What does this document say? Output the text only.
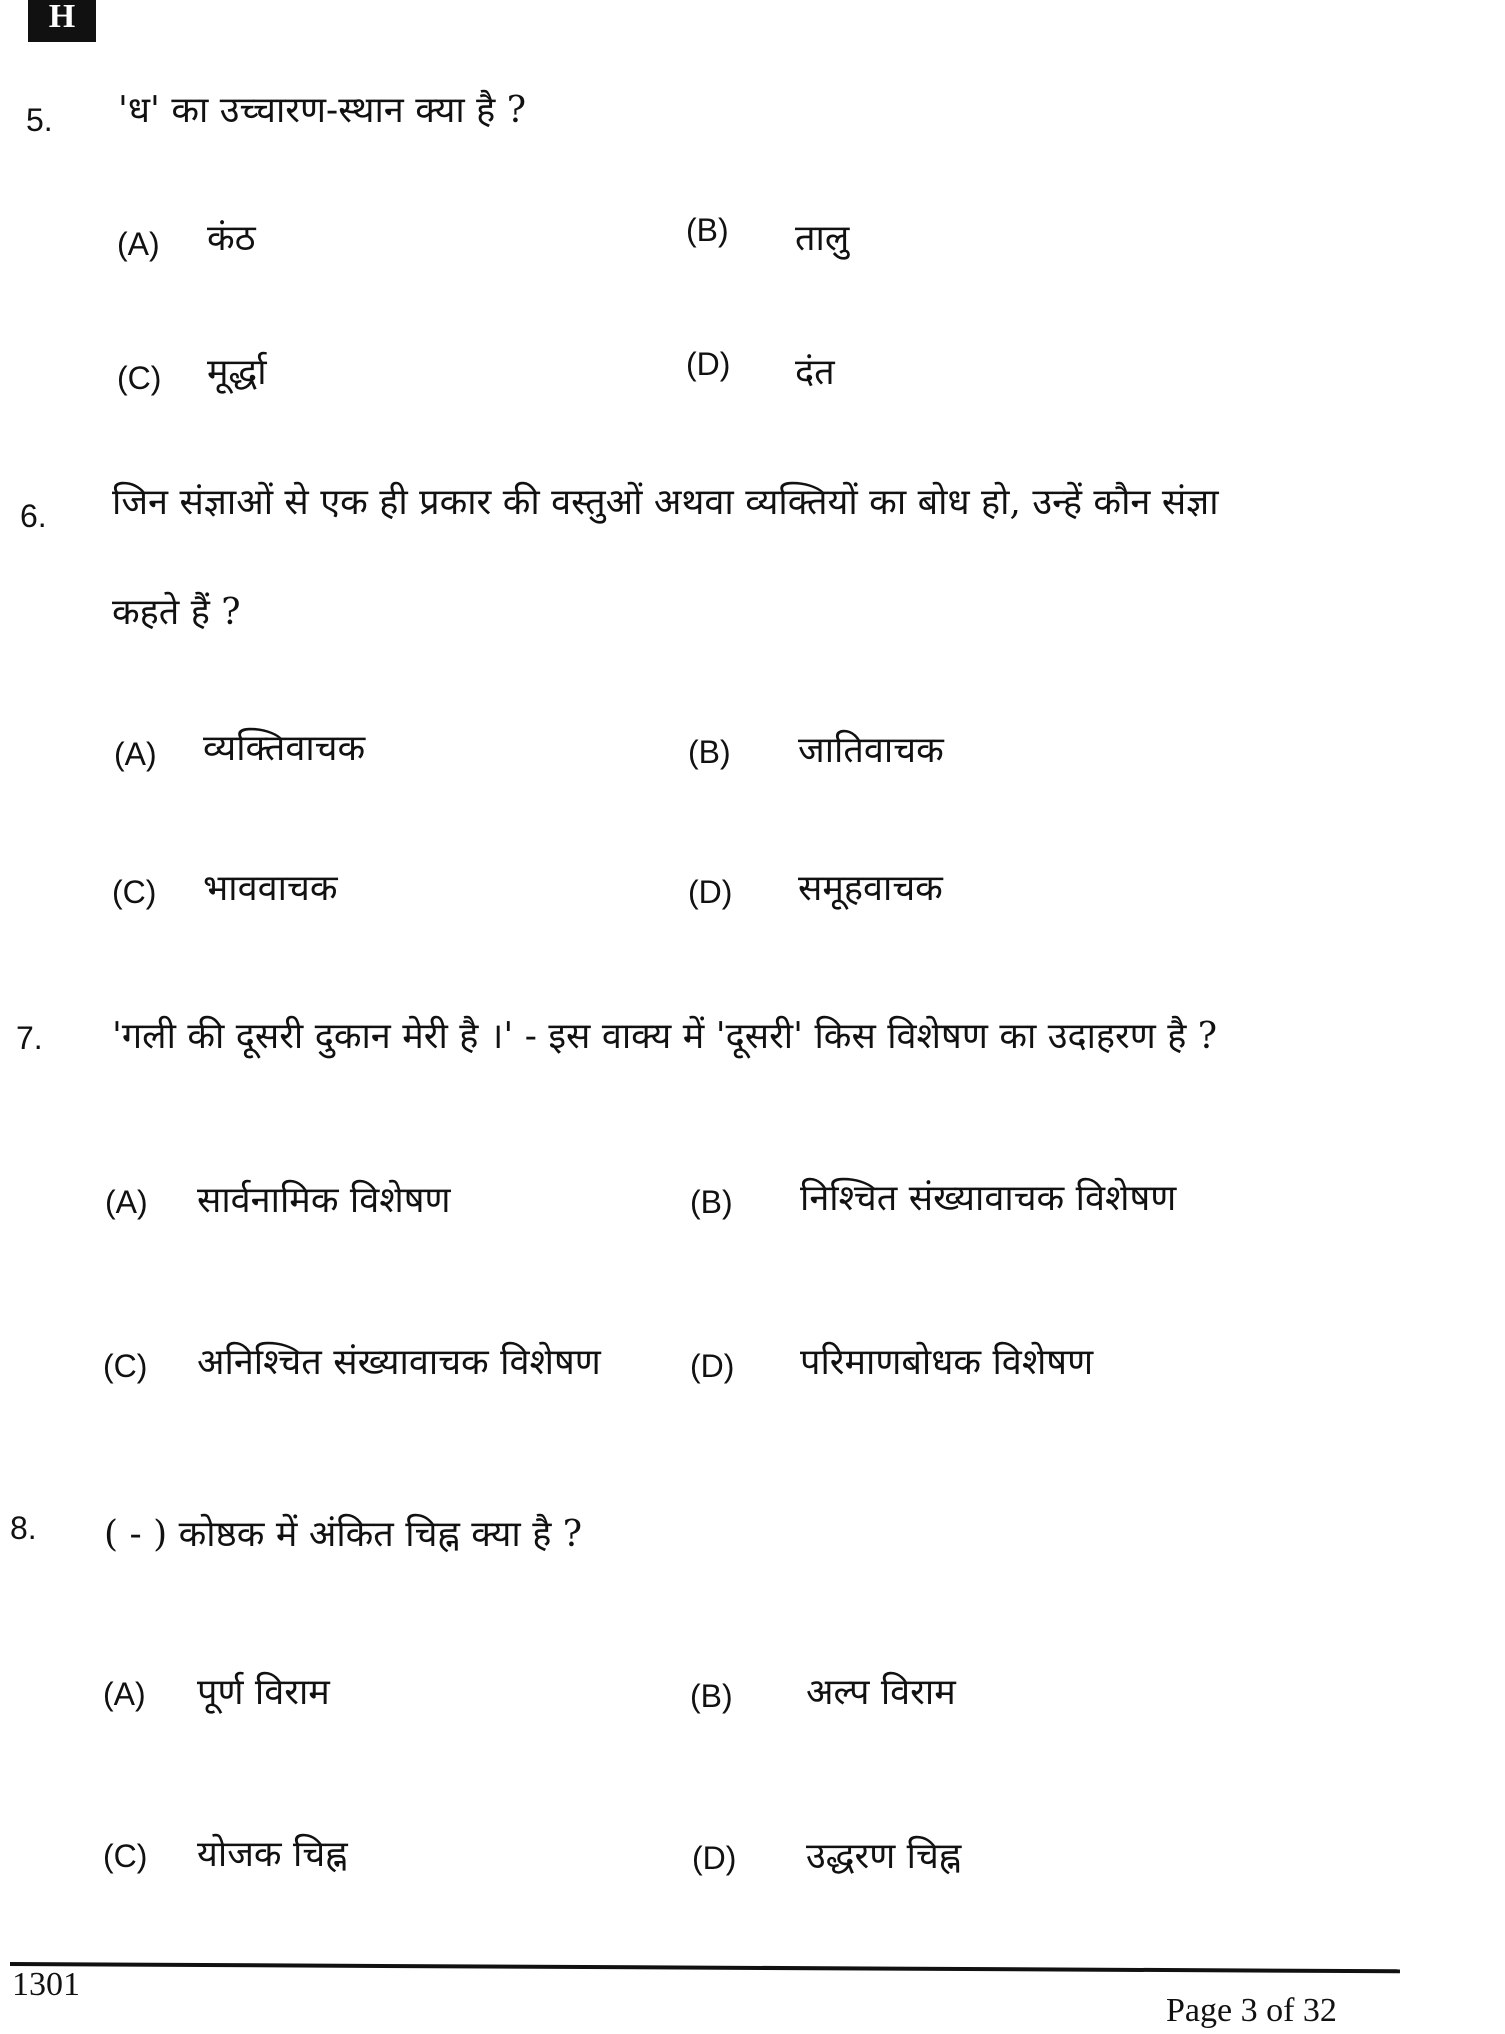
H
5. 'ध' का उच्चारण-स्थान क्या है ?
(A) कंठ	(B) तालु
(C) मूर्द्धा	(D) दंत
6. जिन संज्ञाओं से एक ही प्रकार की वस्तुओं अथवा व्यक्तियों का बोध हो, उन्हें कौन संज्ञा
कहते हैं ?
(A) व्यक्तिवाचक	(B) जातिवाचक
(C) भाववाचक	(D) समूहवाचक
7. 'गली की दूसरी दुकान मेरी है ।' - इस वाक्य में 'दूसरी' किस विशेषण का उदाहरण है ?
(A) सार्वनामिक विशेषण	(B) निश्चित संख्यावाचक विशेषण
(C) अनिश्चित संख्यावाचक विशेषण	(D) परिमाणबोधक विशेषण
8. ( - ) कोष्ठक में अंकित चिह्न क्या है ?
(A) पूर्ण विराम	(B) अल्प विराम
(C) योजक चिह्न	(D) उद्धरण चिह्न
1301
Page 3 of 32
